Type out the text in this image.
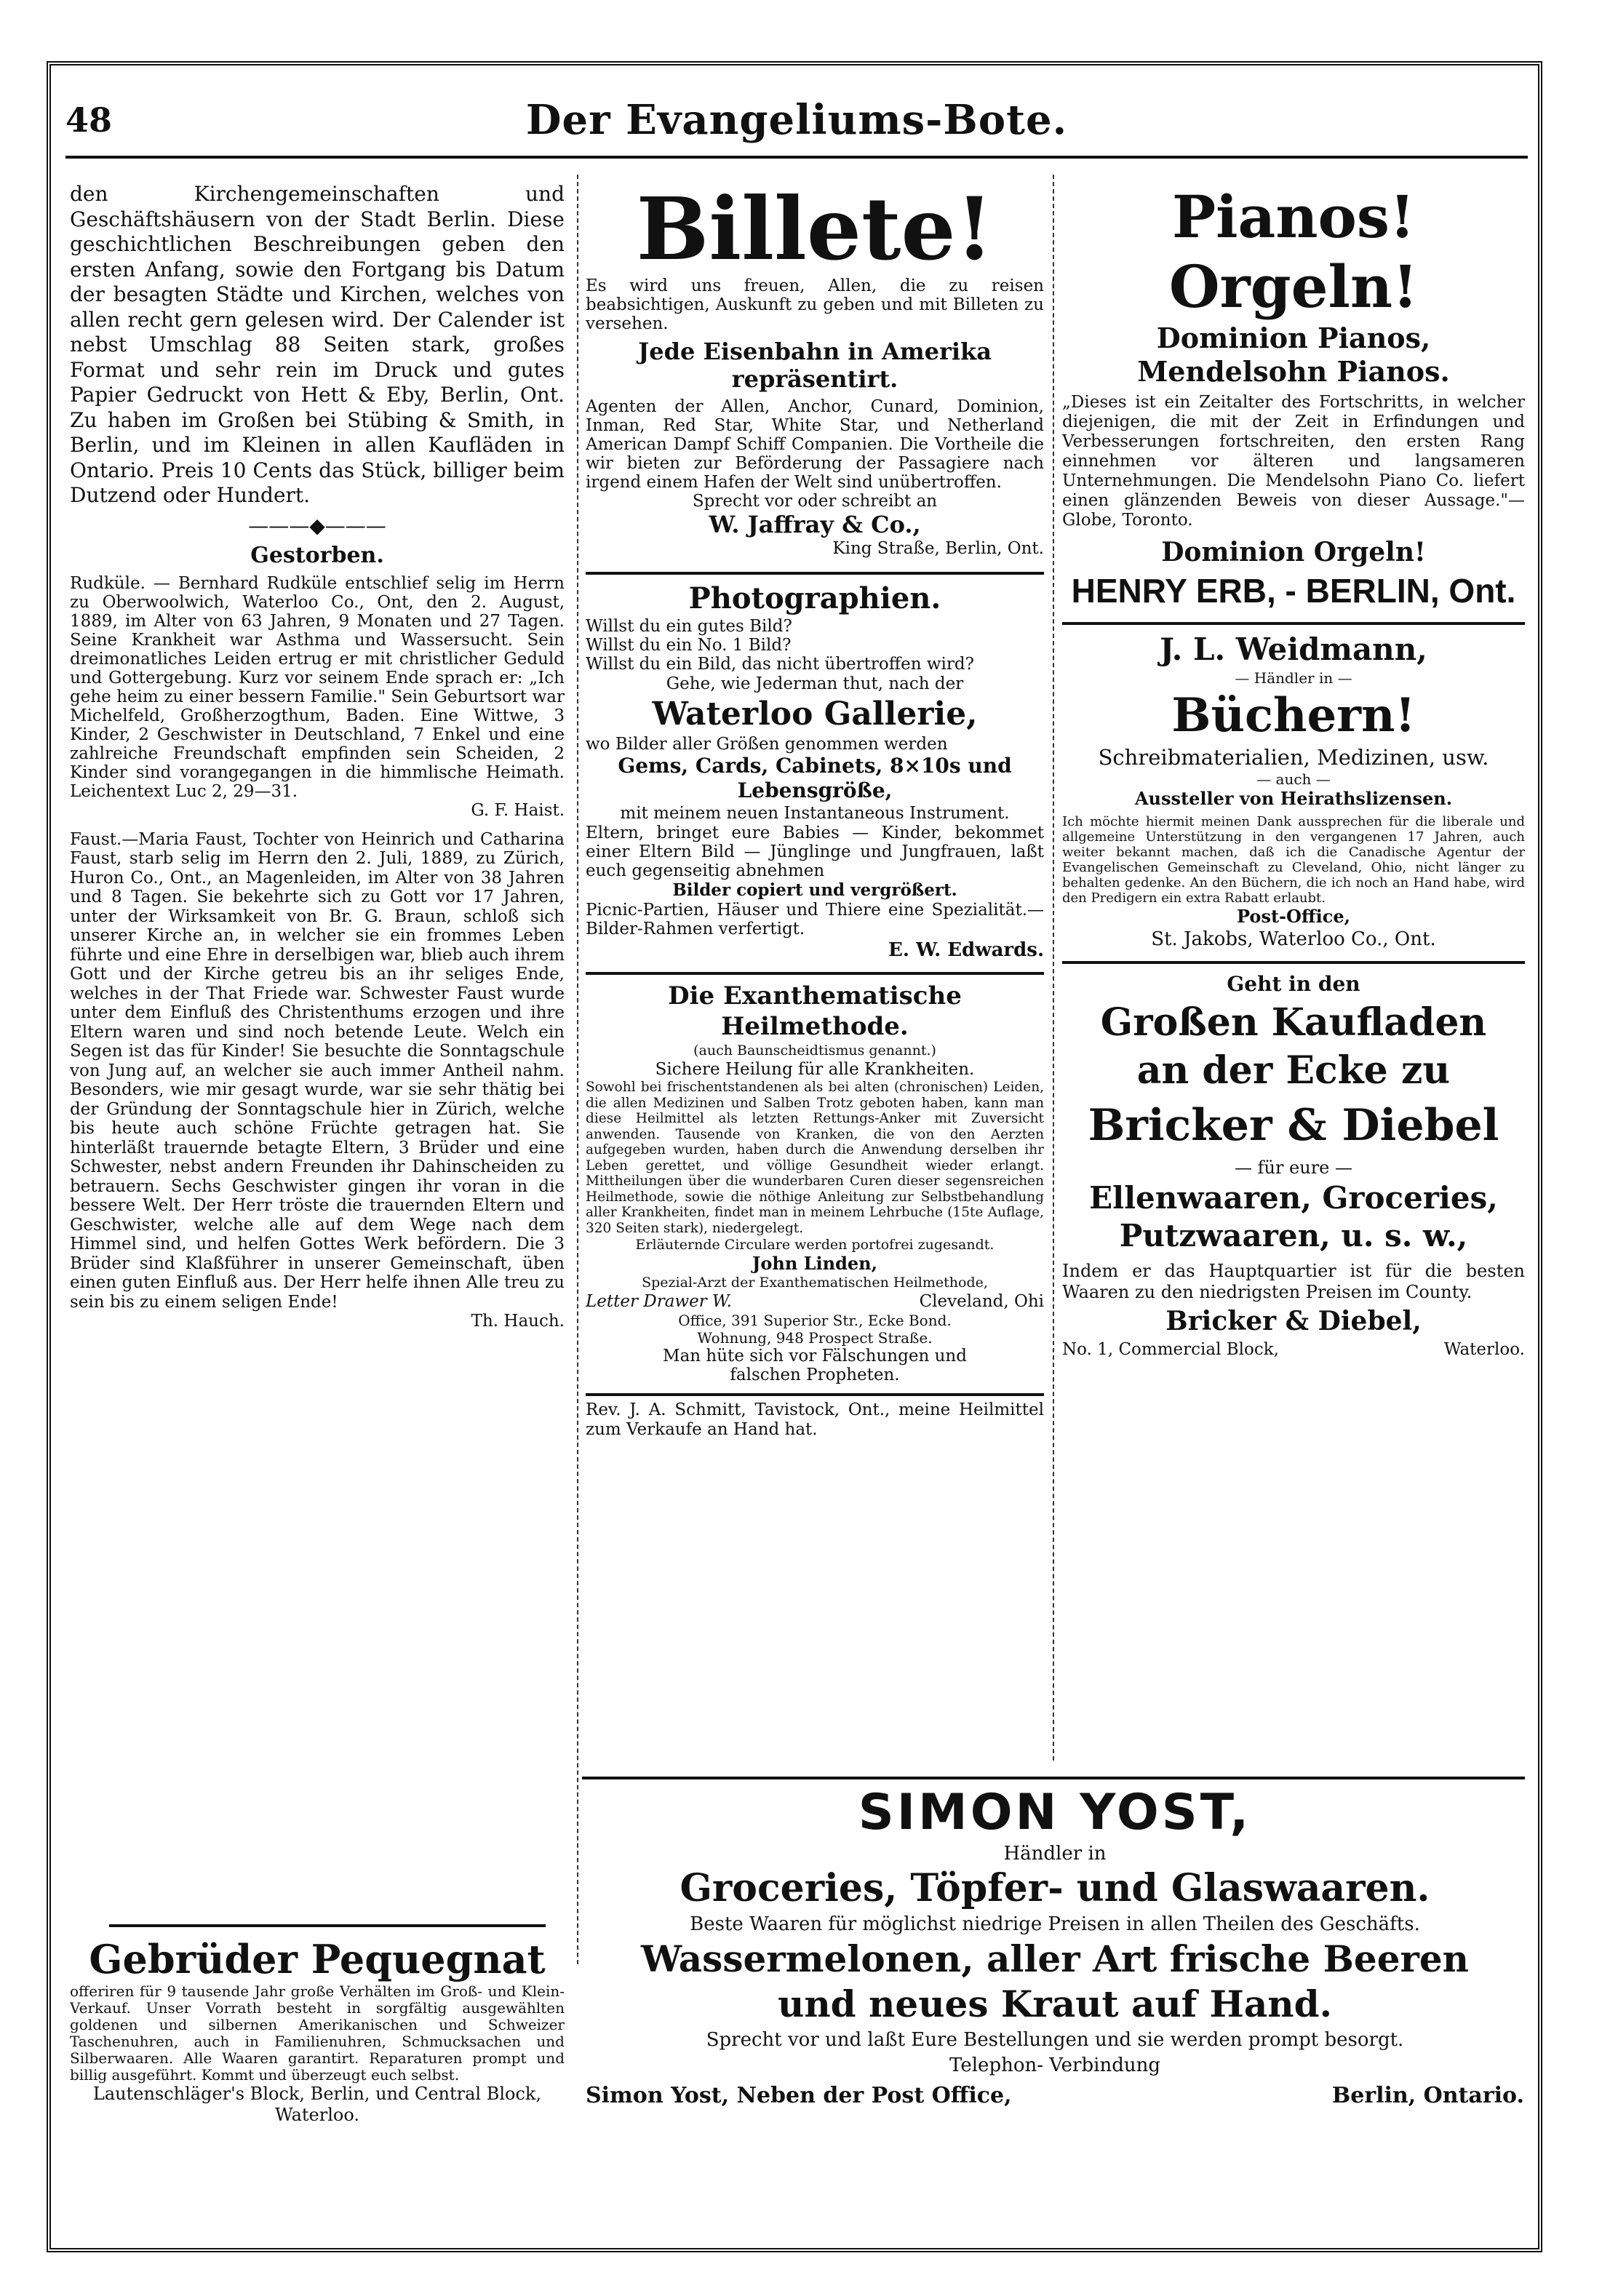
48	Der Evangeliums-Bote.

den Kirchengemeinschaften und Geschäftshäusern von der Stadt Berlin. Diese geschichtlichen Beschreibungen geben den ersten Anfang, sowie den Fortgang bis Datum der besagten Städte und Kirchen, welches von allen recht gern gelesen wird. Der Calender ist nebst Umschlag 88 Seiten stark, großes Format und sehr rein im Druck und gutes Papier Gedruckt von Hett & Eby, Berlin, Ont. Zu haben im Großen bei Stübing & Smith, in Berlin, und im Kleinen in allen Kaufläden in Ontario. Preis 10 Cents das Stück, billiger beim Dutzend oder Hundert.

———◆———
Gestorben.

Rudküle. — Bernhard Rudküle entschlief selig im Herrn zu Oberwoolwich, Waterloo Co., Ont, den 2. August, 1889, im Alter von 63 Jahren, 9 Monaten und 27 Tagen. Seine Krankheit war Asthma und Wassersucht. Sein dreimonatliches Leiden ertrug er mit christlicher Geduld und Gottergebung. Kurz vor seinem Ende sprach er: „Ich gehe heim zu einer bessern Familie." Sein Geburtsort war Michelfeld, Großherzogthum, Baden. Eine Wittwe, 3 Kinder, 2 Geschwister in Deutschland, 7 Enkel und eine zahlreiche Freundschaft empfinden sein Scheiden, 2 Kinder sind vorangegangen in die himmlische Heimath. Leichentext Luc 2, 29—31.

G. F. Haist.

Faust.—Maria Faust, Tochter von Heinrich und Catharina Faust, starb selig im Herrn den 2. Juli, 1889, zu Zürich, Huron Co., Ont., an Magenleiden, im Alter von 38 Jahren und 8 Tagen. Sie bekehrte sich zu Gott vor 17 Jahren, unter der Wirksamkeit von Br. G. Braun, schloß sich unserer Kirche an, in welcher sie ein frommes Leben führte und eine Ehre in derselbigen war, blieb auch ihrem Gott und der Kirche getreu bis an ihr seliges Ende, welches in der That Friede war. Schwester Faust wurde unter dem Einfluß des Christenthums erzogen und ihre Eltern waren und sind noch betende Leute. Welch ein Segen ist das für Kinder! Sie besuchte die Sonntagschule von Jung auf, an welcher sie auch immer Antheil nahm. Besonders, wie mir gesagt wurde, war sie sehr thätig bei der Gründung der Sonntagschule hier in Zürich, welche bis heute auch schöne Früchte getragen hat. Sie hinterläßt trauernde betagte Eltern, 3 Brüder und eine Schwester, nebst andern Freunden ihr Dahinscheiden zu betrauern. Sechs Geschwister gingen ihr voran in die bessere Welt. Der Herr tröste die trauernden Eltern und Geschwister, welche alle auf dem Wege nach dem Himmel sind, und helfen Gottes Werk befördern. Die 3 Brüder sind Klaßführer in unserer Gemeinschaft, üben einen guten Einfluß aus. Der Herr helfe ihnen Alle treu zu sein bis zu einem seligen Ende!

Th. Hauch.
Gebrüder Pequegnat

offeriren für 9 tausende Jahr große Verhälten im Groß- und Klein-Verkauf. Unser Vorrath besteht in sorgfältig ausgewählten goldenen und silbernen Amerikanischen und Schweizer Taschenuhren, auch in Familienuhren, Schmucksachen und Silberwaaren. Alle Waaren garantirt. Reparaturen prompt und billig ausgeführt. Kommt und überzeugt euch selbst.

Lautenschläger's Block, Berlin, und Central Block, Waterloo.

Billete!

Es wird uns freuen, Allen, die zu reisen beabsichtigen, Auskunft zu geben und mit Billeten zu versehen.

Jede Eisenbahn in Amerika repräsentirt.

Agenten der Allen, Anchor, Cunard, Dominion, Inman, Red Star, White Star, und Netherland American Dampf Schiff Companien. Die Vortheile die wir bieten zur Beförderung der Passagiere nach irgend einem Hafen der Welt sind unübertroffen.

Sprecht vor oder schreibt an
W. Jaffray & Co.,
King Straße, Berlin, Ont.
Photographien.
Willst du ein gutes Bild?
Willst du ein No. 1 Bild?
Willst du ein Bild, das nicht übertroffen wird?
Gehe, wie Jederman thut, nach der
Waterloo Gallerie,
wo Bilder aller Größen genommen werden
Gems, Cards, Cabinets, 8×10s und Lebensgröße,
mit meinem neuen Instantaneous Instrument.

Eltern, bringet eure Babies — Kinder, bekommet einer Eltern Bild — Jünglinge und Jungfrauen, laßt euch gegenseitig abnehmen

Bilder copiert und vergrößert.

Picnic-Partien, Häuser und Thiere eine Spezialität.—Bilder-Rahmen verfertigt.

E. W. Edwards.
Die Exanthematische Heilmethode.
(auch Baunscheidtismus genannt.)
Sichere Heilung für alle Krankheiten.

Sowohl bei frischentstandenen als bei alten (chronischen) Leiden, die allen Medizinen und Salben Trotz geboten haben, kann man diese Heilmittel als letzten Rettungs-Anker mit Zuversicht anwenden. Tausende von Kranken, die von den Aerzten aufgegeben wurden, haben durch die Anwendung derselben ihr Leben gerettet, und völlige Gesundheit wieder erlangt. Mittheilungen über die wunderbaren Curen dieser segensreichen Heilmethode, sowie die nöthige Anleitung zur Selbstbehandlung aller Krankheiten, findet man in meinem Lehrbuche (15te Auflage, 320 Seiten stark), niedergelegt.

Erläuternde Circulare werden portofrei zugesandt.
John Linden,
Spezial-Arzt der Exanthematischen Heilmethode,
Letter Drawer W.	Cleveland, Ohi
Office, 391 Superior Str., Ecke Bond.
Wohnung, 948 Prospect Straße.
Man hüte sich vor Fälschungen und falschen Propheten.

Rev. J. A. Schmitt, Tavistock, Ont., meine Heilmittel zum Verkaufe an Hand hat.

Pianos! Orgeln!
Dominion Pianos, Mendelsohn Pianos.

„Dieses ist ein Zeitalter des Fortschritts, in welcher diejenigen, die mit der Zeit in Erfindungen und Verbesserungen fortschreiten, den ersten Rang einnehmen vor älteren und langsameren Unternehmungen. Die Mendelsohn Piano Co. liefert einen glänzenden Beweis von dieser Aussage."—Globe, Toronto.

Dominion Orgeln!
HENRY ERB, - BERLIN, Ont.
J. L. Weidmann,
— Händler in —
Büchern!
Schreibmaterialien, Medizinen, usw.
— auch —
Aussteller von Heirathslizensen.

Ich möchte hiermit meinen Dank aussprechen für die liberale und allgemeine Unterstützung in den vergangenen 17 Jahren, auch weiter bekannt machen, daß ich die Canadische Agentur der Evangelischen Gemeinschaft zu Cleveland, Ohio, nicht länger zu behalten gedenke. An den Büchern, die ich noch an Hand habe, wird den Predigern ein extra Rabatt erlaubt.

Post-Office,
St. Jakobs, Waterloo Co., Ont.
Geht in den
Großen Kaufladen an der Ecke zu
Bricker & Diebel
— für eure —
Ellenwaaren, Groceries, Putzwaaren, u. s. w.,

Indem er das Hauptquartier ist für die besten Waaren zu den niedrigsten Preisen im County.

Bricker & Diebel,
No. 1, Commercial Block,	Waterloo.
SIMON YOST,
Händler in
Groceries, Töpfer- und Glaswaaren.
Beste Waaren für möglichst niedrige Preisen in allen Theilen des Geschäfts.
Wassermelonen, aller Art frische Beeren und neues Kraut auf Hand.
Sprecht vor und laßt Eure Bestellungen und sie werden prompt besorgt.
Telephon- Verbindung
Simon Yost, Neben der Post Office,	Berlin, Ontario.
